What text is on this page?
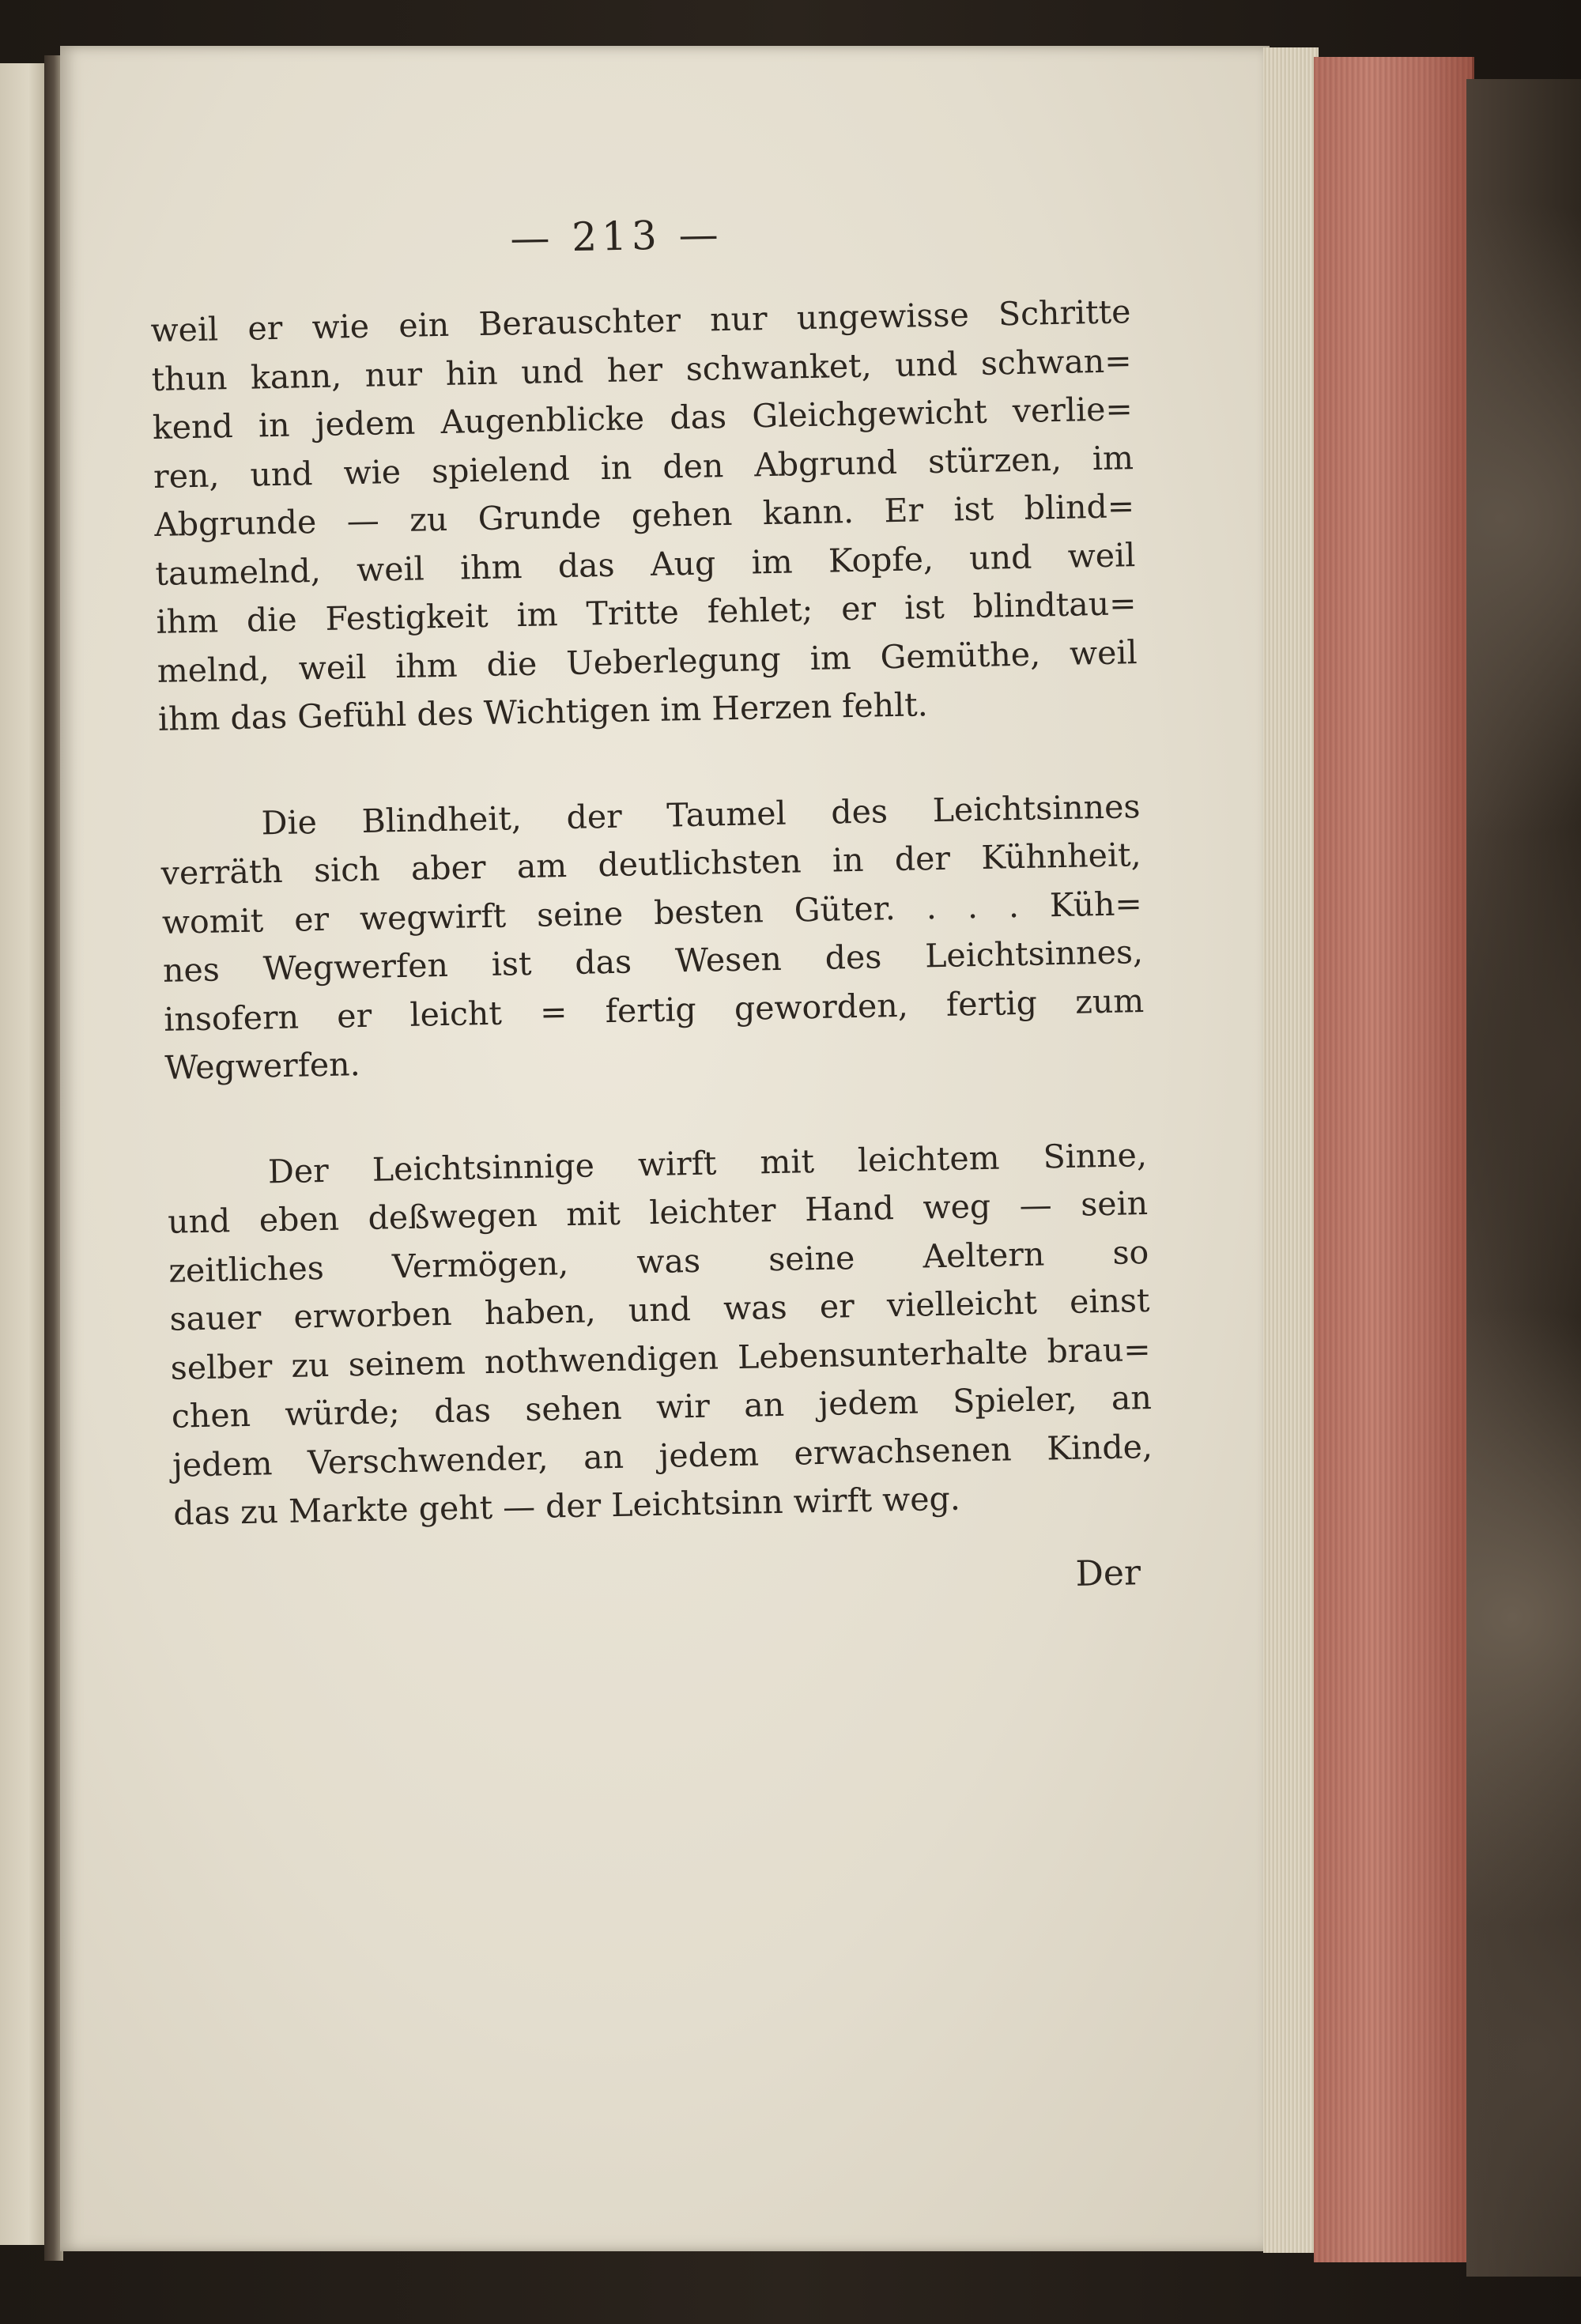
— 213 —
weil er wie ein Berauschter nur ungewisse Schritte
thun kann, nur hin und her schwanket, und schwan=
kend in jedem Augenblicke das Gleichgewicht verlie=
ren, und wie spielend in den Abgrund stürzen, im
Abgrunde — zu Grunde gehen kann. Er ist blind=
taumelnd, weil ihm das Aug im Kopfe, und weil
ihm die Festigkeit im Tritte fehlet; er ist blindtau=
melnd, weil ihm die Ueberlegung im Gemüthe, weil
ihm das Gefühl des Wichtigen im Herzen fehlt.
Die Blindheit, der Taumel des Leichtsinnes
verräth sich aber am deutlichsten in der Kühnheit,
womit er wegwirft seine besten Güter. . . . Küh=
nes Wegwerfen ist das Wesen des Leichtsinnes,
insofern er leicht = fertig geworden, fertig zum
Wegwerfen.
Der Leichtsinnige wirft mit leichtem Sinne,
und eben deßwegen mit leichter Hand weg — sein
zeitliches Vermögen, was seine Aeltern so
sauer erworben haben, und was er vielleicht einst
selber zu seinem nothwendigen Lebensunterhalte brau=
chen würde; das sehen wir an jedem Spieler, an
jedem Verschwender, an jedem erwachsenen Kinde,
das zu Markte geht — der Leichtsinn wirft weg.
Der
